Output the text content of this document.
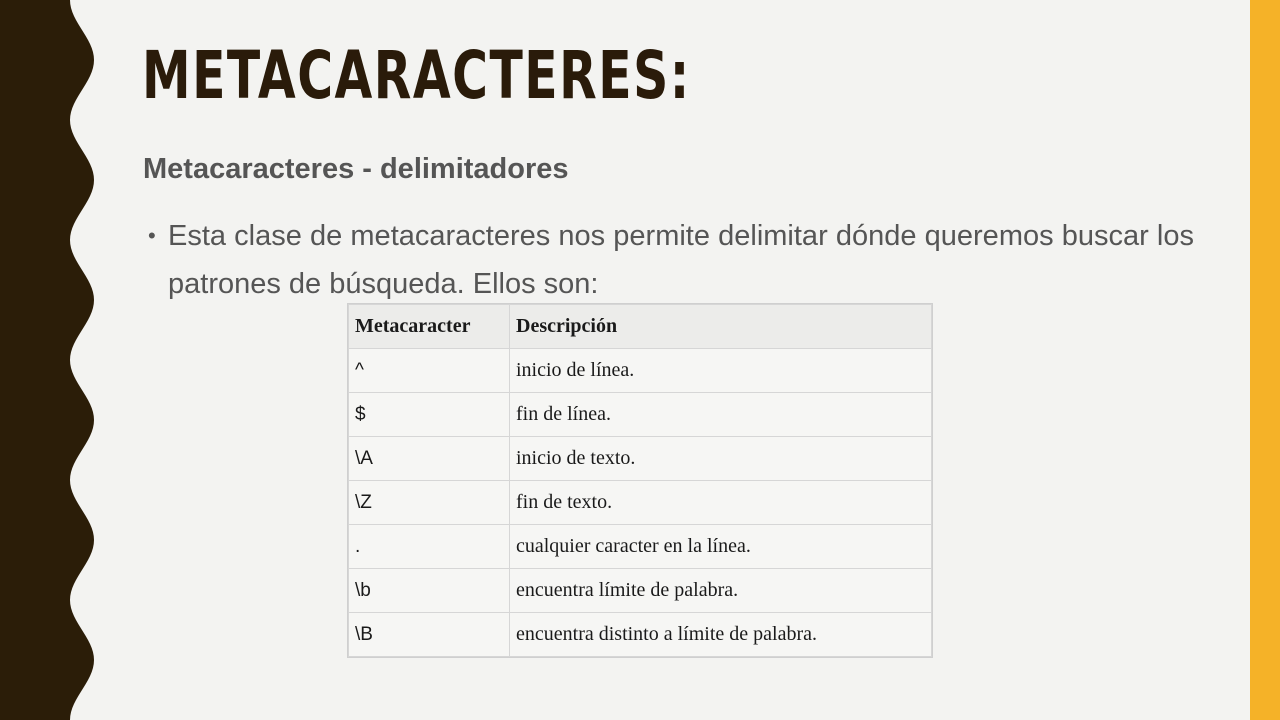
METACARACTERES:
Metacaracteres - delimitadores
• Esta clase de metacaracteres nos permite delimitar dónde queremos buscar los patrones de búsqueda. Ellos son:
Metacaracter	Descripción
^	inicio de línea.
$	fin de línea.
\A	inicio de texto.
\Z	fin de texto.
.	cualquier caracter en la línea.
\b	encuentra límite de palabra.
\B	encuentra distinto a límite de palabra.
